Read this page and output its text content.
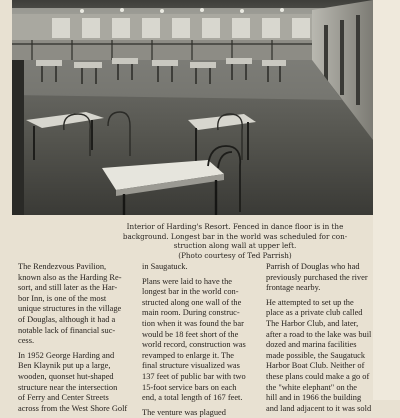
Interior of Harding's Resort. Fenced in dance floor is in the
background. Longest bar in the world was scheduled for con-
struction along wall at upper left.
(Photo courtesy of Ted Parrish)

The Rendezvous Pavilion,
known also as the Harding Re-
sort, and still later as the Har-
bor Inn, is one of the most
unique structures in the village
of Douglas, although it had a
notable lack of financial suc-
cess.

In 1952 George Harding and
Ben Klaynik put up a large,
wooden, quonset hut-shaped
structure near the intersection
of Ferry and Center Streets
across from the West Shore Golf

in Saugatuck.

Plans were laid to have the
longest bar in the world con-
structed along one wall of the
main room. During construc-
tion when it was found the bar
would be 18 feet short of the
world record, construction was
revamped to enlarge it. The
final structure visualized was
137 feet of public bar with two
15-foot service bars on each
end, a total length of 167 feet.

The venture was plagued

Parrish of Douglas who had
previously purchased the river
frontage nearby.

He attempted to set up the
place as a private club called
The Harbor Club, and later,
after a road to the lake was buil
dozed and marina facilities
made possible, the Saugatuck
Harbor Boat Club. Neither of
these plans could make a go of
the "white elephant" on the
hill and in 1966 the building
and land adjacent to it was sold
